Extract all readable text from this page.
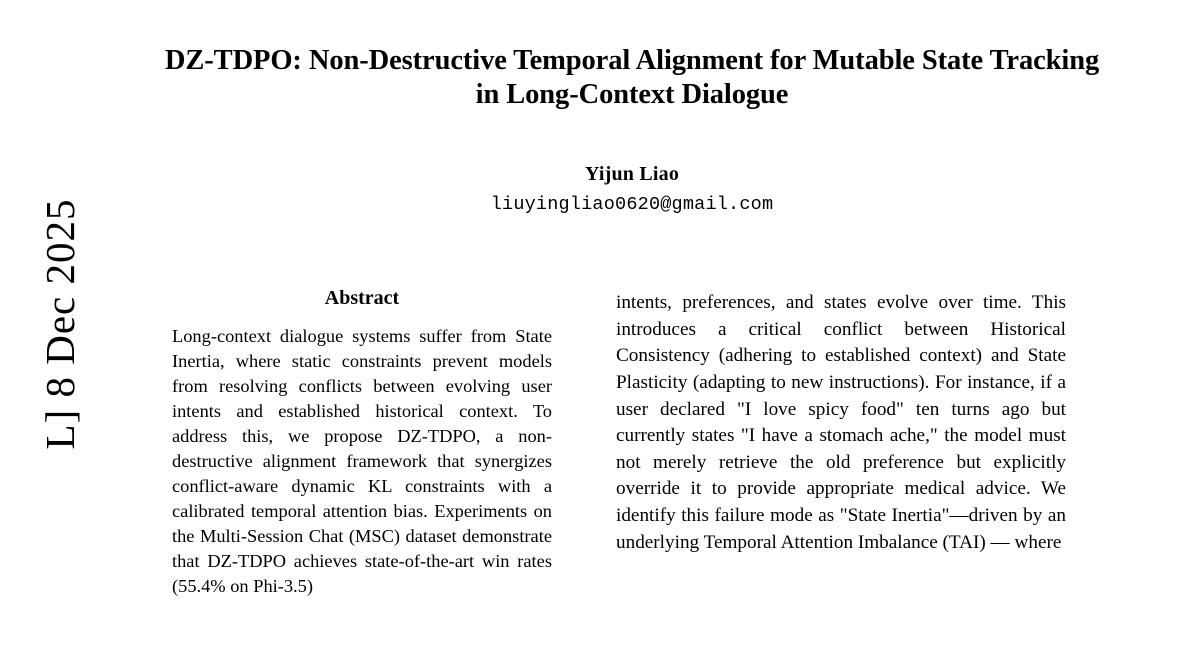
L] 8 Dec 2025
DZ-TDPO: Non-Destructive Temporal Alignment for Mutable State Tracking in Long-Context Dialogue
Yijun Liao
liuyingliao0620@gmail.com
Abstract

Long-context dialogue systems suffer from State Inertia, where static constraints prevent models from resolving conflicts between evolving user intents and established historical context. To address this, we propose DZ-TDPO, a non-destructive alignment framework that synergizes conflict-aware dynamic KL constraints with a calibrated temporal attention bias. Experiments on the Multi-Session Chat (MSC) dataset demonstrate that DZ-TDPO achieves state-of-the-art win rates (55.4% on Phi-3.5)

intents, preferences, and states evolve over time. This introduces a critical conflict between Historical Consistency (adhering to established context) and State Plasticity (adapting to new instructions). For instance, if a user declared "I love spicy food" ten turns ago but currently states "I have a stomach ache," the model must not merely retrieve the old preference but explicitly override it to provide appropriate medical advice. We identify this failure mode as "State Inertia"—driven by an underlying Temporal Attention Imbalance (TAI) — where
